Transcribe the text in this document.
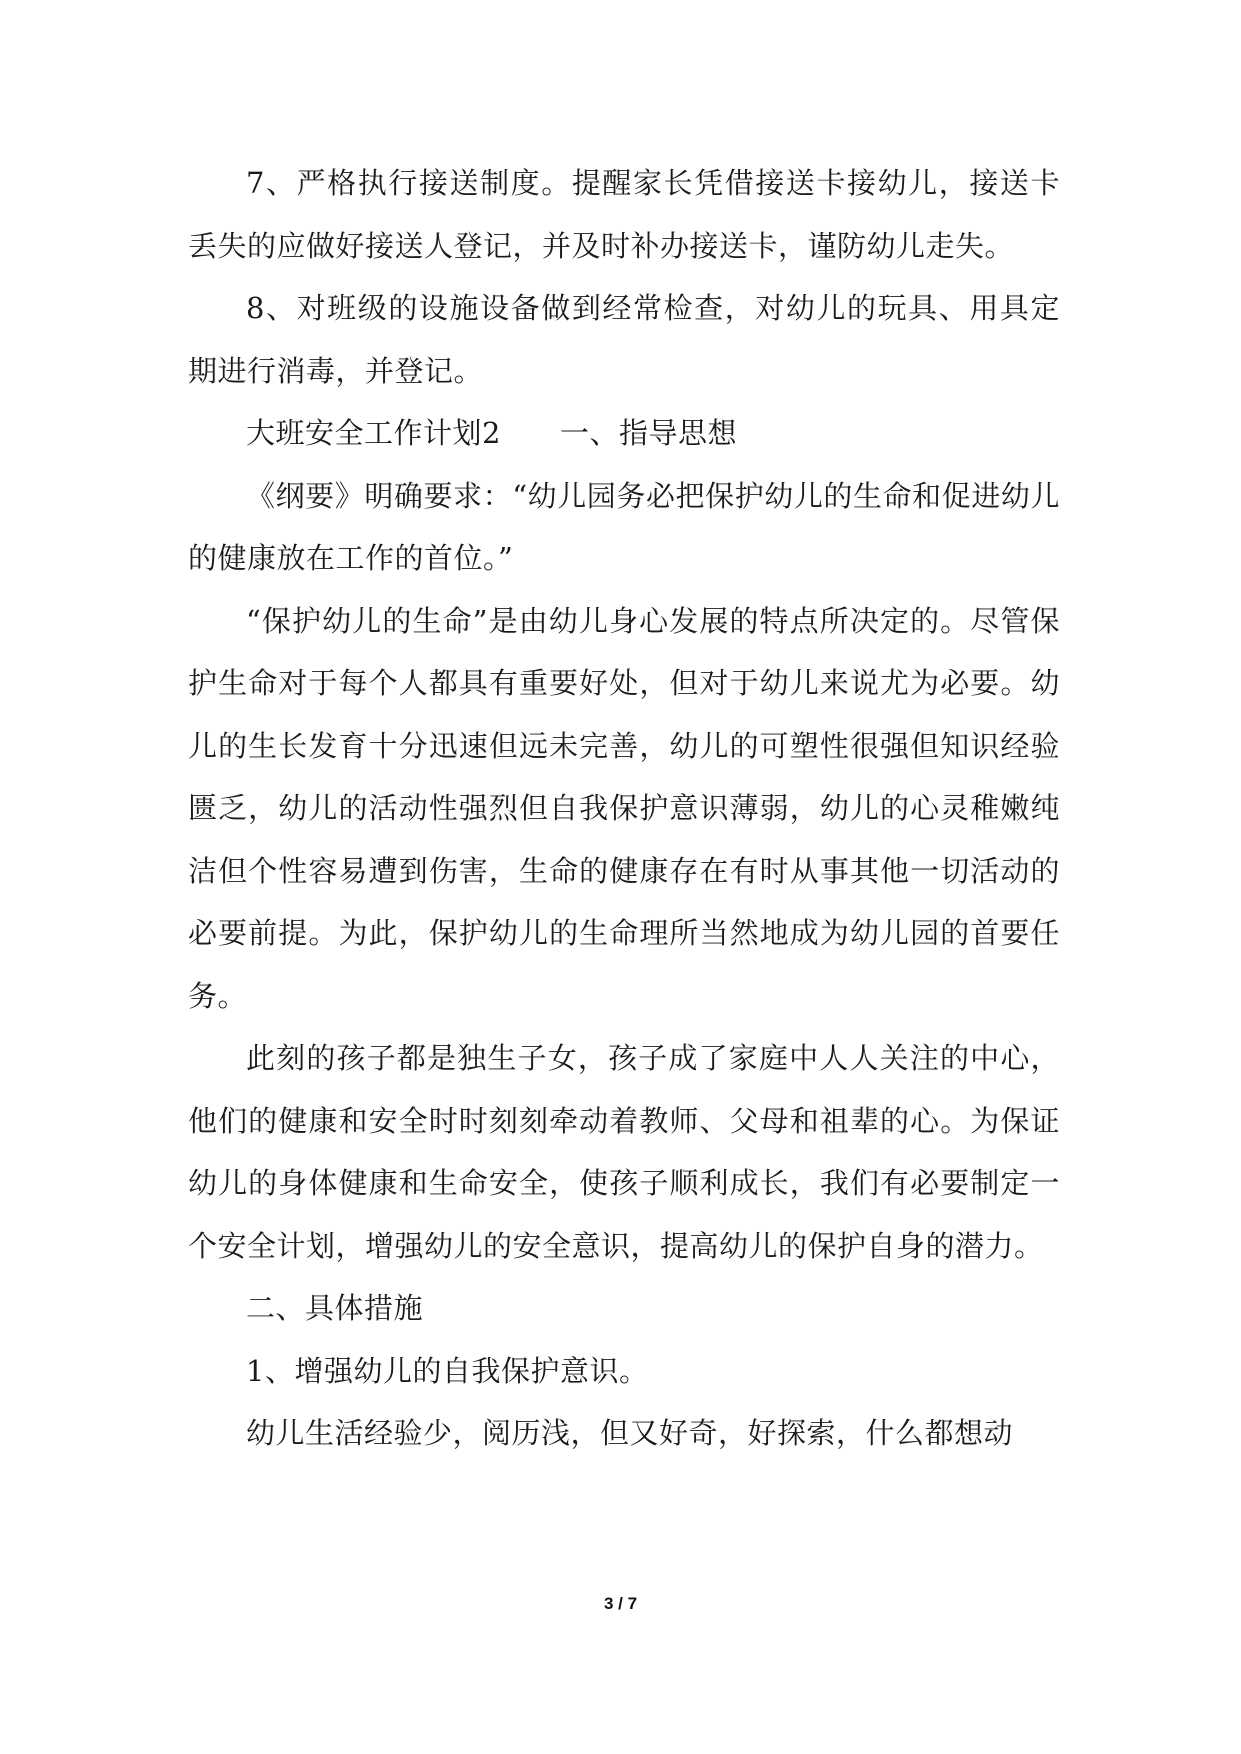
7、严格执行接送制度。提醒家长凭借接送卡接幼儿，接送卡丢失的应做好接送人登记，并及时补办接送卡，谨防幼儿走失。

8、对班级的设施设备做到经常检查，对幼儿的玩具、用具定期进行消毒，并登记。

大班安全工作计划2　　一、指导思想

《纲要》明确要求：“幼儿园务必把保护幼儿的生命和促进幼儿的健康放在工作的首位。”

“保护幼儿的生命”是由幼儿身心发展的特点所决定的。尽管保护生命对于每个人都具有重要好处，但对于幼儿来说尤为必要。幼儿的生长发育十分迅速但远未完善，幼儿的可塑性很强但知识经验匮乏，幼儿的活动性强烈但自我保护意识薄弱，幼儿的心灵稚嫩纯洁但个性容易遭到伤害，生命的健康存在有时从事其他一切活动的必要前提。为此，保护幼儿的生命理所当然地成为幼儿园的首要任务。

此刻的孩子都是独生子女，孩子成了家庭中人人关注的中心，他们的健康和安全时时刻刻牵动着教师、父母和祖辈的心。为保证幼儿的身体健康和生命安全，使孩子顺利成长，我们有必要制定一个安全计划，增强幼儿的安全意识，提高幼儿的保护自身的潜力。

二、具体措施

1、增强幼儿的自我保护意识。

幼儿生活经验少，阅历浅，但又好奇，好探索，什么都想动

3 / 7
